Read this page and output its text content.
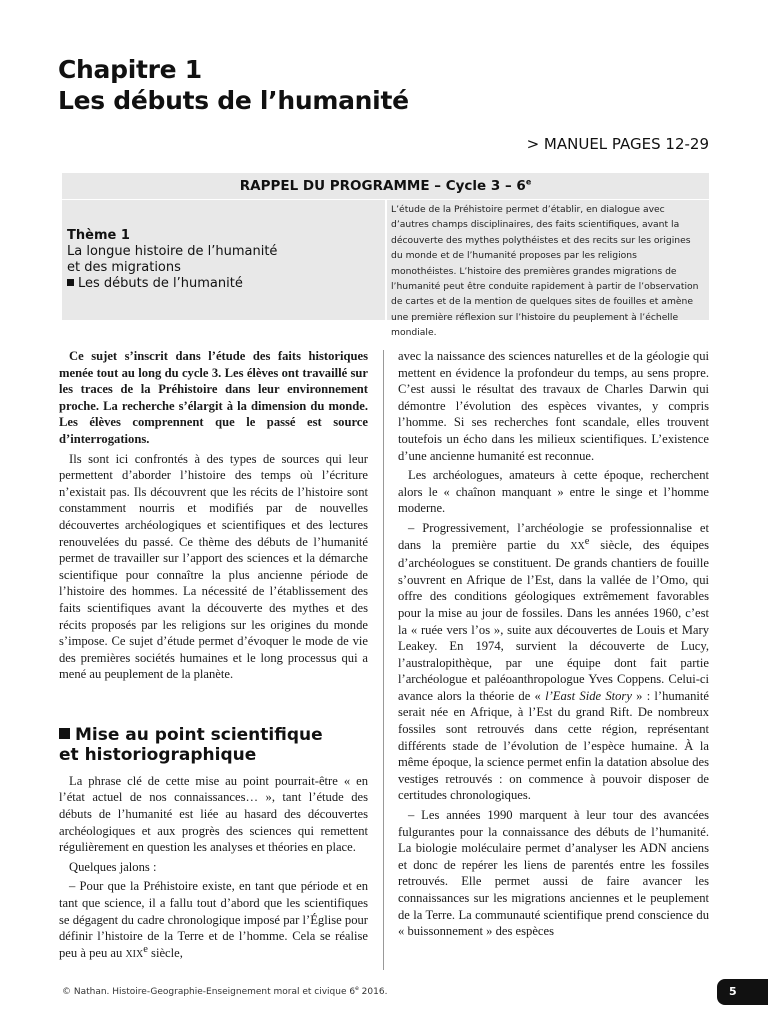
Chapitre 1
Les débuts de l’humanité
> MANUEL PAGES 12-29
RAPPEL DU PROGRAMME – Cycle 3 – 6e
Thème 1
La longue histoire de l’humanité
et des migrations
Les débuts de l’humanité
L’étude de la Préhistoire permet d’établir, en dialogue avec d’autres champs disciplinaires, des faits scientifiques, avant la découverte des mythes polythéistes et des recits sur les origines du monde et de l’humanité proposes par les religions monothéistes. L’histoire des premières grandes migrations de l’humanité peut être conduite rapidement à partir de l’observation de cartes et de la mention de quelques sites de fouilles et amène une première réflexion sur l’histoire du peuplement à l’échelle mondiale.

Ce sujet s’inscrit dans l’étude des faits historiques menée tout au long du cycle 3. Les élèves ont travaillé sur les traces de la Préhistoire dans leur environnement proche. La recherche s’élargit à la dimension du monde. Les élèves comprennent que le passé est source d’interrogations.

Ils sont ici confrontés à des types de sources qui leur permettent d’aborder l’histoire des temps où l’écriture n’existait pas. Ils découvrent que les récits de l’histoire sont constamment nourris et modifiés par de nouvelles découvertes archéologiques et scientifiques et des lectures renouvelées du passé. Ce thème des débuts de l’humanité permet de travailler sur l’apport des sciences et la démarche scientifique pour connaître la plus ancienne période de l’histoire des hommes. La nécessité de l’établissement des faits scientifiques avant la découverte des mythes et des récits proposés par les religions sur les origines du monde s’impose. Ce sujet d’étude permet d’évoquer le mode de vie des premières sociétés humaines et le long processus qui a mené au peuplement de la planète.

Mise au point scientifique
et historiographique

La phrase clé de cette mise au point pourrait-être « en l’état actuel de nos connaissances… », tant l’étude des débuts de l’humanité est liée au hasard des découvertes archéologiques et aux progrès des sciences qui remettent régulièrement en question les analyses et théories en place.

Quelques jalons :

– Pour que la Préhistoire existe, en tant que période et en tant que science, il a fallu tout d’abord que les scientifiques se dégagent du cadre chronologique imposé par l’Église pour définir l’histoire de la Terre et de l’homme. Cela se réalise peu à peu au XIXe siècle,

avec la naissance des sciences naturelles et de la géologie qui mettent en évidence la profondeur du temps, au sens propre. C’est aussi le résultat des travaux de Charles Darwin qui démontre l’évolution des espèces vivantes, y compris l’homme. Si ses recherches font scandale, elles trouvent toutefois un écho dans les milieux scientifiques. L’existence d’une ancienne humanité est reconnue.

Les archéologues, amateurs à cette époque, recherchent alors le « chaînon manquant » entre le singe et l’homme moderne.

– Progressivement, l’archéologie se professionnalise et dans la première partie du XXe siècle, des équipes d’archéologues se constituent. De grands chantiers de fouille s’ouvrent en Afrique de l’Est, dans la vallée de l’Omo, qui offre des conditions géologiques extrêmement favorables pour la mise au jour de fossiles. Dans les années 1960, c’est la « ruée vers l’os », suite aux découvertes de Louis et Mary Leakey. En 1974, survient la découverte de Lucy, l’australopithèque, par une équipe dont fait partie l’archéologue et paléoanthropologue Yves Coppens. Celui-ci avance alors la théorie de « l’East Side Story » : l’humanité serait née en Afrique, à l’Est du grand Rift. De nombreux fossiles sont retrouvés dans cette région, représentant différents stade de l’évolution de l’espèce humaine. À la même époque, la science permet enfin la datation absolue des vestiges retrouvés : on commence à pouvoir disposer de certitudes chronologiques.

– Les années 1990 marquent à leur tour des avancées fulgurantes pour la connaissance des débuts de l’humanité. La biologie moléculaire permet d’analyser les ADN anciens et donc de repérer les liens de parentés entre les fossiles retrouvés. Elle permet aussi de faire avancer les connaissances sur les migrations anciennes et le peuplement de la Terre. La communauté scientifique prend conscience du « buissonnement » des espèces

© Nathan. Histoire-Geographie-Enseignement moral et civique 6e 2016.	5
